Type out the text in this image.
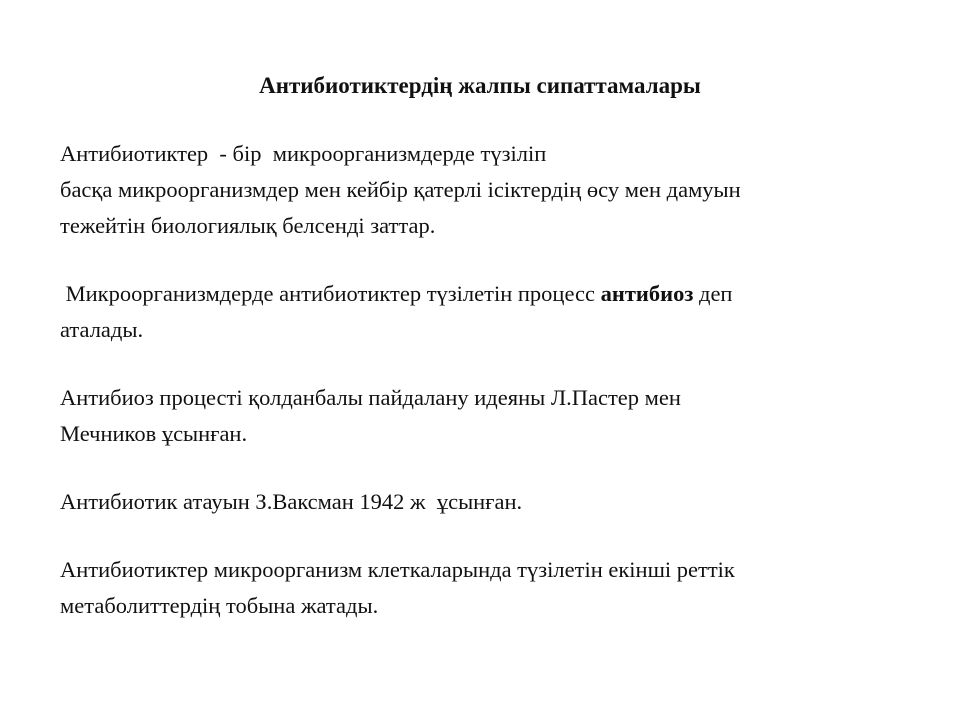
Антибиотиктердің жалпы сипаттамалары

Антибиотиктер  - бір  микроорганизмдерде түзіліп
басқа микроорганизмдер мен кейбір қатерлі ісіктердің өсу мен дамуын
тежейтін биологиялық белсенді заттар.

Микроорганизмдерде антибиотиктер түзілетін процесс антибиоз деп
аталады.

Антибиоз процесті қолданбалы пайдалану идеяны Л.Пастер мен
Мечников ұсынған.

Антибиотик атауын З.Ваксман 1942 ж  ұсынған.

Антибиотиктер микроорганизм клеткаларында түзілетін екінші реттік
метаболиттердің тобына жатады.
